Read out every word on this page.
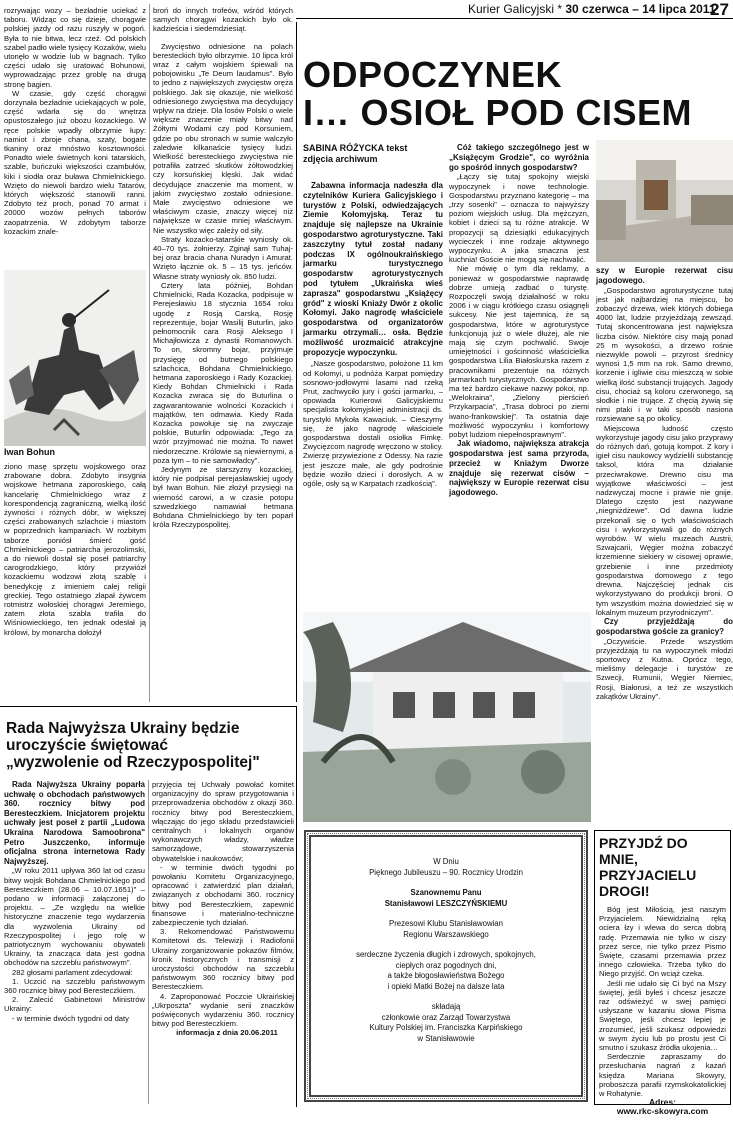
Kurier Galicyjski * 30 czerwca – 14 lipca 2011
27

rozrywając wozy – bezładnie uciekać z taboru. Widząc co się dzieje, chorągwie polskiej jazdy od razu ruszyły w pogoń. Była to nie bitwa, lecz rzeź. Od polskich szabel padło wiele tysięcy Kozaków, wielu utonęło w wodzie lub w bagnach. Tylko części udało się uratować Bohunowi, wyprowadzając przez groblę na drugą stronę bagien.

W czasie, gdy część chorągwi dorzynała bezładnie uciekających w pole, część wdarła się do wnętrza opustoszałego już obozu kozackiego. W ręce polskie wpadły olbrzymie łupy: namiot i zbroje chana, szaty, bogate tkaniny oraz mnóstwo kosztowności. Ponadto wiele świetnych koni tatarskich, szable, buńczuki większości czambułów, kiki i siodła oraz buława Chmielnickiego. Wzięto do niewoli bardzo wielu Tatarów, których większość stanowili ranni. Zdobyto też proch, ponad 70 armat i 20000 wozów pełnych taborów zaopatrzenia. W zdobytym taborze kozackim znale-

Iwan Bohun

ziono masę sprzętu wojskowego oraz zrabowane dobra. Zdobyto insygnia wojskowe hetmana zaporoskiego, całą kancelarię Chmielnickiego wraz z korespondencją zagraniczną, wielką ilość żywności i różnych dóbr, w większej części zrabowanych szlachcie i miastom w poprzednich kampaniach. W rozbitym taborze poniósł śmierć gość Chmielnickiego – patriarcha jerozolimski, a do niewoli dostał się poseł patriarchy carogrodzkiego, który przywiózł kozackiemu wodzowi złotą szablę i benedykcję z imieniem całej religii greckiej. Tego ostatniego złapał żywcem rotmistrz wołoskiej chorągwi Jeremiego, zatem złota szabla trafiła do Wiśniowieckiego, ten jednak odesłał ją królowi, by monarcha dołożył

broń do innych trofeów, wśród których samych chorągwi kozackich było ok. kadzieścia i siedemdziesiąt.

Zwycięstwo odniesione na polach beresteckich było olbrzymie. 10 lipca król wraz z całym wojskiem śpiewali na pobojowisku „Te Deum laudamus". Było to jedno z największych zwycięstw oręża polskiego. Jak się okazuje, nie wielkość odniesionego zwycięstwa ma decydujący wpływ na dzieje. Dla losów Polski o wiele większe znaczenie miały bitwy nad Żółtymi Wodami czy pod Korsuniem, gdzie po obu stronach w sumie walczyło zaledwie kilkanaście tysięcy ludzi. Wielkość beresteckiego zwycięstwa nie potrafiła zatrzeć skutków żółtowodzkiej czy korsuńskiej klęski. Jak widać decydujące znaczenie ma moment, w jakim zwycięstwo zostało odniesione. Małe zwycięstwo odniesione we właściwym czasie, znaczy więcej niż największe w czasie mniej właściwym. Nie wszystko więc zależy od siły.

Straty kozacko-tatarskie wyniosły ok. 40–70 tys. żołnierzy. Zginął sam Tuhaj-bej oraz bracia chana Nuradyn i Amurat. Wzięto łącznie ok. 5 – 15 tys. jeńców. Własne straty wyniosły ok. 850 ludzi.

Cztery lata później, Bohdan Chmielnicki, Rada Kozacka, podpisuje w Perejesławiu 18 stycznia 1654 roku ugodę z Rosją Carską, Rosję reprezentuje, bojar Wasilij Buturlin, jako pełnomocnik cara Rosji Aleksego I Michajłowicza z dynastii Romanowych. To on, skromny bojar, przyjmuje przysięgę od butnego polskiego szlachcica, Bohdana Chmielnickiego, hetmana zaporoskiego i Rady Kozackiej. Kiedy Bohdan Chmielnicki i Rada Kozacka zwraca się do Buturlina o zagwarantowanie wolności Kozackich i majątków, ten odmawia. Kiedy Rada Kozacka powołuje się na zwyczaje polskie, Buturlin odpowiada: „Tego za wzór przyjmować nie można. To nawet niedorzeczne. Królowie są niewiernymi, a poza tym – to nie samowładcy".

Jedynym ze starszyzny kozackiej, który nie podpisał perejasławskiej ugody był Iwan Bohun. Nie złożył przysięgi na wierność carowi, a w czasie potopu szwedzkiego namawiał hetmana Bohdana Chmielnickiego by ten poparł króla Rzeczypospolitej.

ODPOCZYNEK
I… OSIOŁ POD CISEM
SABINA RÓŻYCKA tekst
zdjęcia archiwum
Zabawna informacja nadeszła dla czytelników Kuriera Galicyjskiego i turystów z Polski, odwiedzających Ziemie Kołomyjską. Teraz tu znajduje się najlepsze na Ukrainie gospodarstwo agroturystyczne. Taki zaszczytny tytuł został nadany podczas IX ogólnoukraińskiego jarmarku turystycznego gospodarstw agroturystycznych pod tytułem „Ukraińska wieś zaprasza" gospodarstwu „Książęcy gród" z wioski Kniaży Dwór z okolic Kołomyi. Jako nagrodę właściciele gospodarstwa od organizatorów jarmarku otrzymali… osła. Będzie możliwość urozmaicić atrakcyjne propozycje wypoczynku.

„Nasze gospodarstwo, położone 11 km od Kołomyi, u podnóża Karpat pomiędzy sosnowo-jodłowymi lasami nad rzeką Prut, zachwyciło jury i gości jarmarku, – opowiada Kurierowi Galicyjskiemu specjalista kołomyjskiej administracji ds. turystyki Mykoła Kawaciuk. – Cieszymy się, że jako nagrodę właściciele gospodarstwa dostali osiołka Fimkę. Zwycięzcom nagrodę wręczono w stolicy. Zwierzę przywiezione z Odessy. Na razie jest jeszcze małe, ale gdy podrośnie będzie woziło dzieci i dorosłych. A w ogóle, osły są w Karpatach rzadkością".

Cóż takiego szczególnego jest w „Książęcym Grodzie", co wyróżnia go spośród innych gospodarstw?

„Łączy się tutaj spokojny wiejski wypoczynek i nowe technologie. Gospodarstwu przyznano kategorię – ma „trzy sosenki" – oznacza to najwyższy poziom wiejskich usług. Dla mężczyzn, kobiet i dzieci są tu różne atrakcje. W propozycji są dziesiątki edukacyjnych wycieczek i inne rodzaje aktywnego wypoczynku. A jaka smaczna jest kuchnia! Goście nie mogą się nachwalić.

Nie mówię o tym dla reklamy, a ponieważ w gospodarstwie naprawdę dobrze umieją zadbać o turystę. Rozpoczęli swoją działalność w roku 2006 i w ciągu krótkiego czasu osiągnęli sukcesy. Nie jest tajemnicą, że są gospodarstwa, które w agroturystyce funkcjonują już o wiele dłużej, ale nie mają się czym pochwalić. Swoje umiejętności i gościnność właścicielka gospodarstwa Lilia Białoskurska razem z pracownikami prezentuje na różnych jarmarkach turystycznych. Gospodarstwo ma też bardzo ciekawe nazwy pokoi, np. „Welokraina", „Zielony pierścień Przykarpacia", „Trasa dobroci po ziemi iwano-frankowskiej". Ta ostatnia daje możliwość wypoczynku i komfortowy pobyt ludziom niepełnosprawnym".

Jak wiadomo, największa atrakcja gospodarstwa jest sama przyroda, przecież w Kniażym Dworze znajduje się rezerwat cisów – największy w Europie rezerwat cisu jagodowego.

szy w Europie rezerwat cisu jagodowego.

„Gospodarstwo agroturystyczne tutaj jest jak najbardziej na miejscu, bo zobaczyć drzewa, wiek których dobiega 4000 lat, ludzie przyjeżdżają zewsząd. Tutaj skoncentrowana jest największa liczba cisów. Niektóre cisy mają ponad 25 m wysokości, a drzewo rośnie niezwykle powoli – przyrost średnicy wynosi 1,5 mm na rok. Samo drewno, korzenie i igliwie cisu mieszczą w sobie wielką ilość substancji trujących. Jagody cisu, chociaż są koloru czerwonego, są słodkie i nie trujące. Z chęcią żywią się nimi ptaki i w taki sposób nasiona rozsiewane są po okolicy.

Miejscowa ludność często wykorzystuje jagody cisu jako przyprawy do różnych dań, gotują kompot. Z kory i igieł cisu naukowcy wydzielili substancję taksol, która ma działanie przeciwrakowe. Drewno cisu ma wyjątkowe właściwości – jest nadzwyczaj mocne i prawie nie gnije. Dlatego często jest nazywane „niegniżdżewe". Od dawna ludzie przekonali się o tych właściwościach cisu i wykorzystywali go do różnych wyrobów. W wielu muzeach Austrii, Szwajcarii, Węgier można zobaczyć krzemienne siekiery w cisowej oprawie, grzebienie i inne przedmioty gospodarstwa domowego z tego drewna. Najczęściej jednak cis wykorzystywano do produkcji broni. O tym wszystkim można dowiedzieć się w lokalnym muzeum przyrodniczym".

Czy przyjeżdżają do gospodarstwa goście za granicy?

„Oczywiście. Przede wszystkim przyjeżdżają tu na wypoczynek młodzi sportowcy z Kutna. Oprócz tego, mieliśmy delegacje i turystów ze Szwecji, Rumunii, Węgier Niemiec, Rosji, Białorusi, a też ze wszystkich zakątków Ukrainy".

Rada Najwyższa Ukrainy będzie
uroczyście świętować
„wyzwolenie od Rzeczypospolitej"

Rada Najwyższa Ukrainy poparła uchwałę o obchodach państwowych 360. rocznicy bitwy pod Beresteczkiem. Inicjatorem projektu uchwały jest poseł z partii „Ludowa Ukraina Narodowa Samoobrona" Petro Juszczenko, informuje oficjalna strona internetowa Rady Najwyższej.

„W roku 2011 upływa 360 lat od czasu bitwy wojsk Bohdana Chmielnickiego pod Beresteczkiem (28.06 – 10.07.1651)" – podano w informacji załączonej do projektu. – „Ze względu na wielkie historyczne znaczenie tego wydarzenia dla wyzwolenia Ukrainy od Rzeczypospolitej i jego rolę w patriotycznym wychowaniu obywateli Ukrainy, ta znacząca data jest godna obchodów na szczeblu państwowym".

282 głosami parlament zdecydował:

1. Uczcić na szczeblu państwowym 360 rocznicę bitwy pod Beresteczkiem.

2. Zalecić Gabinetowi Ministrów Ukrainy:

- w terminie dwóch tygodni od daty

przyjęcia tej Uchwały powołać komitet organizacyjny do spraw przygotowania i przeprowadzenia obchodów z okazji 360. rocznicy bitwy pod Beresteczkiem, włączając do jego składu przedstawicieli centralnych i lokalnych organów wykonawczych władzy, władze samorządowe, stowarzyszenia obywatelskie i naukowców;

- w terminie dwóch tygodni po powołaniu Komitetu Organizacyjnego, opracować i zatwierdzić plan działań, związanych z obchodami 360. rocznicy bitwy pod Beresteczkiem, zapewnić finansowe i materialno-techniczne zabezpieczenie tych działań.

3. Rekomendować Państwowemu Komitetowi ds. Telewizji i Radiofonii Ukrainy zorganizowanie pokazów filmów, kronik historycznych i transmisji z uroczystości obchodów na szczeblu państwowym 360 rocznicy bitwy pod Beresteczkiem.

4. Zaproponować Poczcie Ukraińskiej „Ukrposzta" wydanie serii znaczków poświęconych wydarzeniu 360. rocznicy bitwy pod Beresteczkiem.

informacja z dnia 20.06.2011

W Dniu
Pięknego Jubileuszu – 90. Rocznicy Urodzin
Szanownemu Panu
Stanisławowi LESZCZYŃSKIEMU
Prezesowi Klubu Stanisławowian
Regionu Warszawskiego
serdeczne życzenia długich i zdrowych, spokojnych,
ciepłych oraz pogodnych dni,
a także błogosławieństwa Bożego
i opieki Matki Bożej na dalsze lata
składają
członkowie oraz Zarząd Towarzystwa
Kultury Polskiej im. Franciszka Karpińskiego
w Stanisławowie
PRZYJDŹ DO MNIE,
PRZYJACIELU DROGI!

Bóg jest Miłością, jest naszym Przyjacielem. Niewidzialną ręką ociera łzy i wlewa do serca dobrą radę. Przemawia nie tylko w ciszy przez serce, nie tylko przez Pismo Święte, czasami przemawia przez innego człowieka. Trzeba tylko do Niego przyjść. On wciąż czeka.

Jeśli nie udało się Ci być na Mszy świętej, jeśli byłeś i chcesz jeszcze raz odświeżyć w swej pamięci usłyszane w kazaniu słowa Pisma Świętego, jeśli chcesz lepiej je zrozumieć, jeśli szukasz odpowiedzi w swym życiu lub po prostu jest Ci smutno i szukasz źródła ukojenia…

Serdecznie zapraszamy do przesłuchania nagrań z kazań księdza Mariana Skowyry, proboszcza parafii rzymskokatolickiej w Rohatynie.

Adres:

www.rkc-skowyra.com
